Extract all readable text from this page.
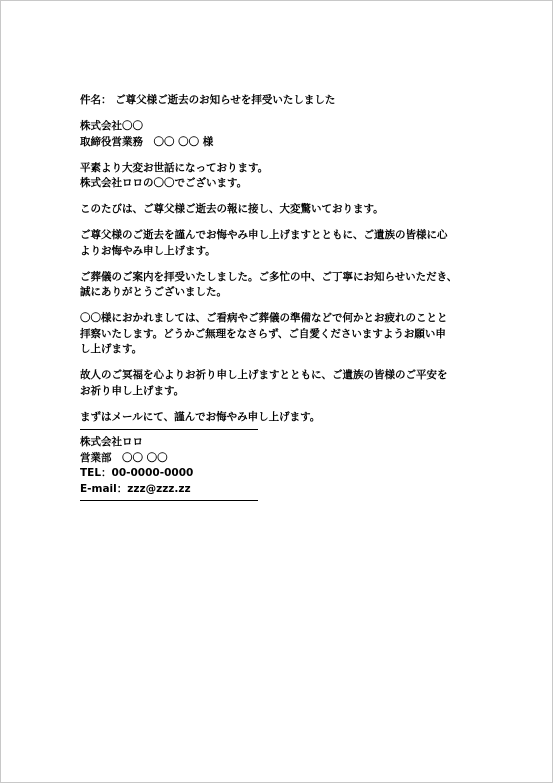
件名： ご尊父様ご逝去のお知らせを拝受いたしました
株式会社〇〇
取締役営業務　〇〇 〇〇 様
平素より大変お世話になっております。
株式会社ロロの〇〇でございます。
このたびは、ご尊父様ご逝去の報に接し、大変驚いております。
ご尊父様のご逝去を謹んでお悔やみ申し上げますとともに、ご遺族の皆様に心
よりお悔やみ申し上げます。
ご葬儀のご案内を拝受いたしました。ご多忙の中、ご丁寧にお知らせいただき、
誠にありがとうございました。
〇〇様におかれましては、ご看病やご葬儀の準備などで何かとお疲れのことと
拝察いたします。どうかご無理をなさらず、ご自愛くださいますようお願い申
し上げます。
故人のご冥福を心よりお祈り申し上げますとともに、ご遺族の皆様のご平安を
お祈り申し上げます。
まずはメールにて、謹んでお悔やみ申し上げます。
株式会社ロロ
営業部　〇〇 〇〇
TEL：00-0000-0000
E-mail：zzz@zzz.zz
